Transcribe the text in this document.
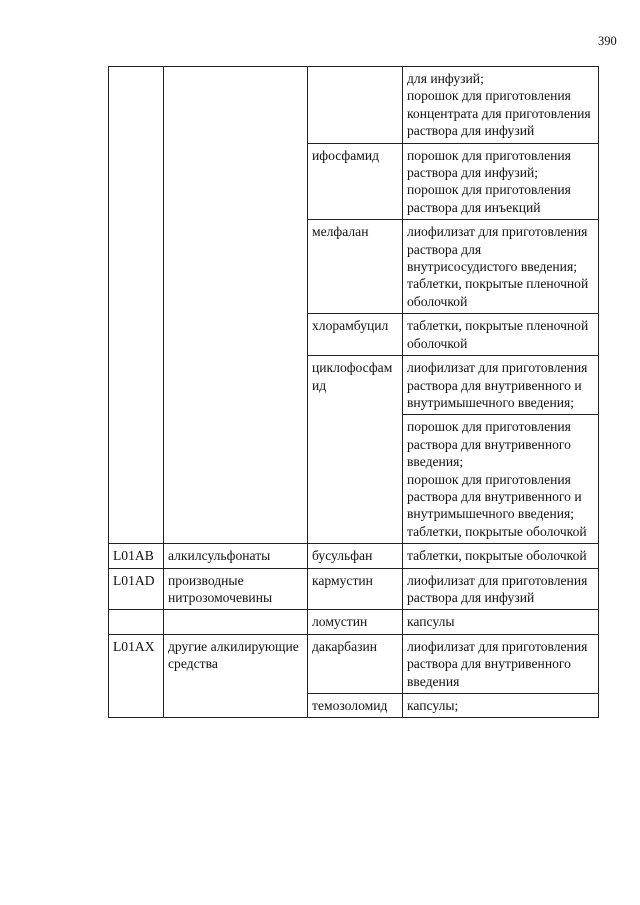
390

			для инфузий;
порошок для приготовления концентрата для приготовления раствора для инфузий

		ифосфамид	порошок для приготовления раствора для инфузий;
порошок для приготовления раствора для инъекций

		мелфалан	лиофилизат для приготовления раствора для внутрисосудистого введения;
таблетки, покрытые пленочной оболочкой

		хлорамбуцил	таблетки, покрытые пленочной оболочкой

		циклофосфам ид	лиофилизат для приготовления раствора для внутривенного и внутримышечного введения;

			порошок для приготовления раствора для внутривенного введения;
порошок для приготовления раствора для внутривенного и внутримышечного введения;
таблетки, покрытые оболочкой

L01AB	алкилсульфонаты	бусульфан	таблетки, покрытые оболочкой

L01AD	производные нитрозомочевины	кармустин	лиофилизат для приготовления раствора для инфузий

		ломустин	капсулы

L01AX	другие алкилирующие средства	дакарбазин	лиофилизат для приготовления раствора для внутривенного введения

		темозоломид	капсулы;
